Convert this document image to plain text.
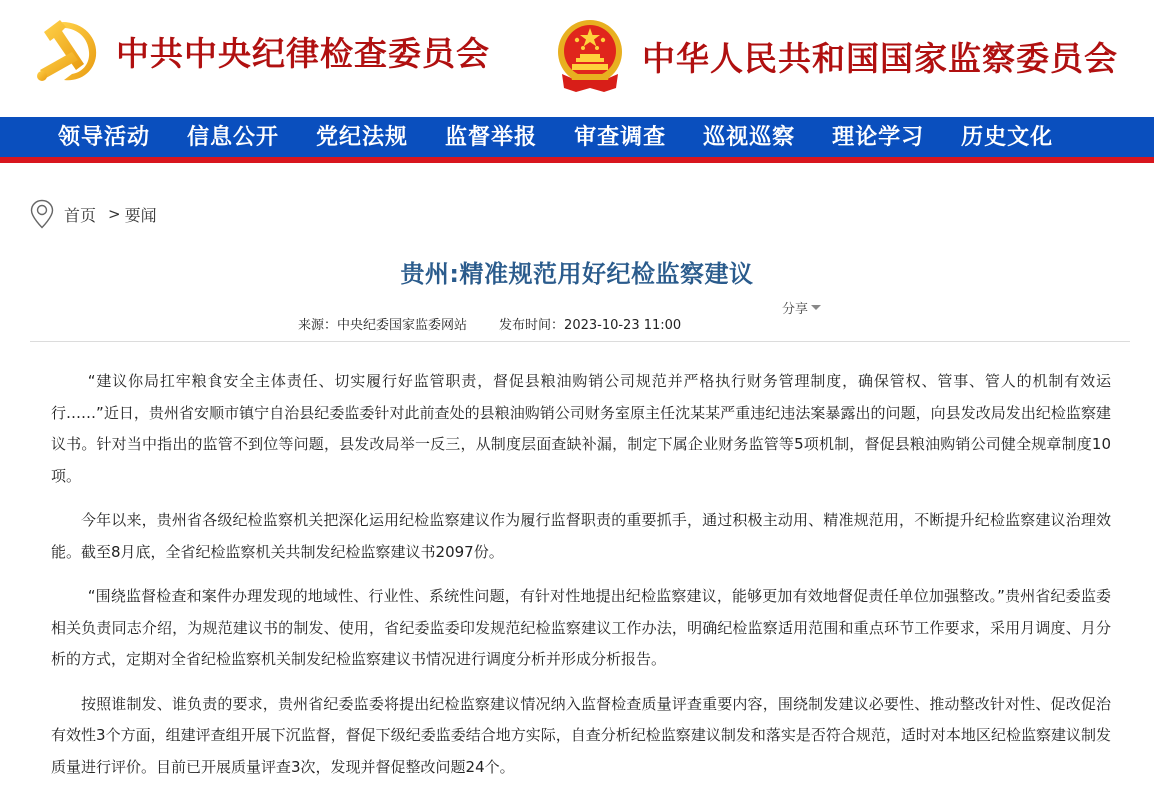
中共中央纪律检查委员会	中华人民共和国国家监察委员会
领导活动 信息公开 党纪法规 监督举报 审查调查 巡视巡察 理论学习 历史文化
首页 > 要闻
贵州:精准规范用好纪检监察建议
分享
来源：中央纪委国家监委网站 发布时间：2023-10-23 11:00

“建议你局扛牢粮食安全主体责任、切实履行好监管职责，督促县粮油购销公司规范并严格执行财务管理制度，确保管权、管事、管人的机制有效运行……”近日，贵州省安顺市镇宁自治县纪委监委针对此前查处的县粮油购销公司财务室原主任沈某某严重违纪违法案暴露出的问题，向县发改局发出纪检监察建议书。针对当中指出的监管不到位等问题，县发改局举一反三，从制度层面查缺补漏，制定下属企业财务监管等5项机制，督促县粮油购销公司健全规章制度10项。

今年以来，贵州省各级纪检监察机关把深化运用纪检监察建议作为履行监督职责的重要抓手，通过积极主动用、精准规范用，不断提升纪检监察建议治理效能。截至8月底，全省纪检监察机关共制发纪检监察建议书2097份。

“围绕监督检查和案件办理发现的地域性、行业性、系统性问题，有针对性地提出纪检监察建议，能够更加有效地督促责任单位加强整改。”贵州省纪委监委相关负责同志介绍，为规范建议书的制发、使用，省纪委监委印发规范纪检监察建议工作办法，明确纪检监察适用范围和重点环节工作要求，采用月调度、月分析的方式，定期对全省纪检监察机关制发纪检监察建议书情况进行调度分析并形成分析报告。

按照谁制发、谁负责的要求，贵州省纪委监委将提出纪检监察建议情况纳入监督检查质量评查重要内容，围绕制发建议必要性、推动整改针对性、促改促治有效性3个方面，组建评查组开展下沉监督，督促下级纪委监委结合地方实际，自查分析纪检监察建议制发和落实是否符合规范，适时对本地区纪检监察建议制发质量进行评价。目前已开展质量评查3次，发现并督促整改问题24个。
